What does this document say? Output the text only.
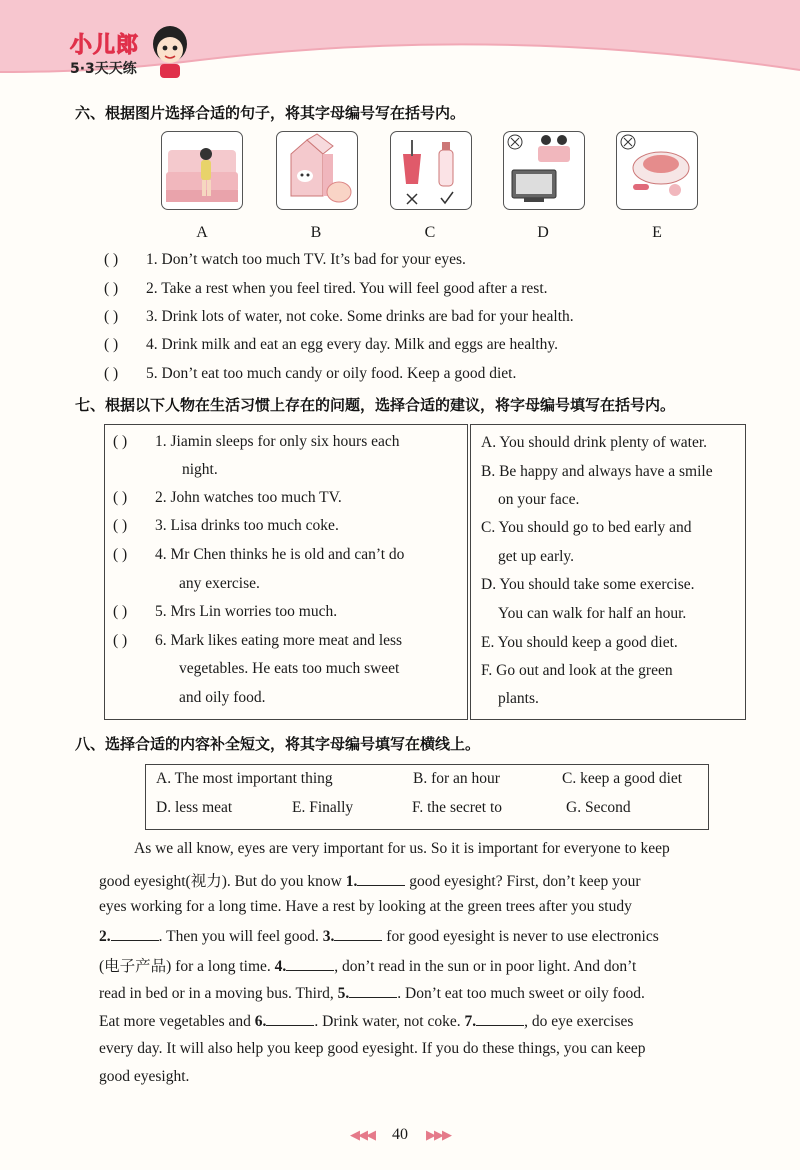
小儿郎
5·3天天练
六、根据图片选择合适的句子，将其字母编号写在括号内。
A	B	C	D	E
( ) 1. Don’t watch too much TV. It’s bad for your eyes.
( ) 2. Take a rest when you feel tired. You will feel good after a rest.
( ) 3. Drink lots of water, not coke. Some drinks are bad for your health.
( ) 4. Drink milk and eat an egg every day. Milk and eggs are healthy.
( ) 5. Don’t eat too much candy or oily food. Keep a good diet.
七、根据以下人物在生活习惯上存在的问题，选择合适的建议，将字母编号填写在括号内。
( ) 1. Jiamin sleeps for only six hours each
night.
( ) 2. John watches too much TV.
( ) 3. Lisa drinks too much coke.
( ) 4. Mr Chen thinks he is old and can’t do
any exercise.
( ) 5. Mrs Lin worries too much.
( ) 6. Mark likes eating more meat and less
vegetables. He eats too much sweet
and oily food.
A. You should drink plenty of water.
B. Be happy and always have a smile
on your face.
C. You should go to bed early and
get up early.
D. You should take some exercise.
You can walk for half an hour.
E. You should keep a good diet.
F. Go out and look at the green
plants.
八、选择合适的内容补全短文，将其字母编号填写在横线上。
A. The most important thing	B. for an hour	C. keep a good diet
D. less meat	E. Finally	F. the secret to	G. Second
As we all know, eyes are very important for us. So it is important for everyone to keep
good eyesight(视力). But do you know 1.	good eyesight? First, don’t keep your
eyes working for a long time. Have a rest by looking at the green trees after you study
2.	. Then you will feel good. 3.	for good eyesight is never to use electronics
(电子产品) for a long time. 4.	, don’t read in the sun or in poor light. And don’t
read in bed or in a moving bus. Third, 5.	. Don’t eat too much sweet or oily food.
Eat more vegetables and 6.	. Drink water, not coke. 7.	, do eye exercises
every day. It will also help you keep good eyesight. If you do these things, you can keep
good eyesight.
◀◀◀ 40 ▶▶▶
